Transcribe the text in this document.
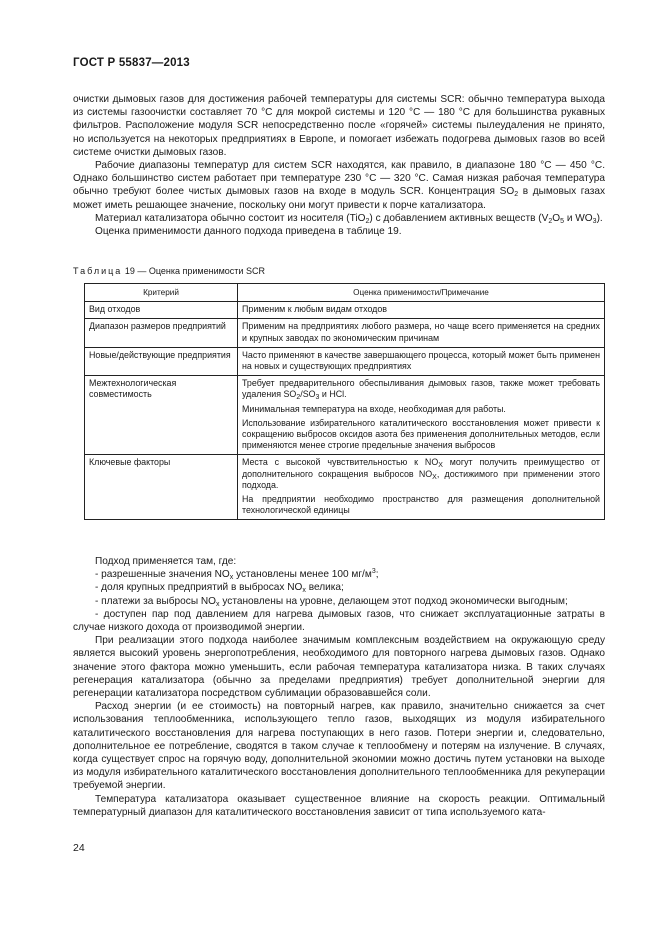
ГОСТ Р 55837—2013

очистки дымовых газов для достижения рабочей температуры для системы SCR: обычно температура выхода из системы газоочистки составляет 70 °C для мокрой системы и 120 °C — 180 °C для большинства рукавных фильтров. Расположение модуля SCR непосредственно после «горячей» системы пылеудаления не принято, но используется на некоторых предприятиях в Европе, и помогает избежать подогрева дымовых газов во всей системе очистки дымовых газов.

Рабочие диапазоны температур для систем SCR находятся, как правило, в диапазоне 180 °C — 450 °C. Однако большинство систем работает при температуре 230 °C — 320 °C. Самая низкая рабочая температура обычно требуют более чистых дымовых газов на входе в модуль SCR. Концентрация $SO_2$ в дымовых газах может иметь решающее значение, поскольку они могут привести к порче катализатора.

Материал катализатора обычно состоит из носителя (TiO$_2$) с добавлением активных веществ ($V_2O_5$ и $WO_3$).

Оценка применимости данного подхода приведена в таблице 19.

Таблица 19 — Оценка применимости SCR
Критерий	Оценка применимости/Примечание
Вид отходов	Применим к любым видам отходов
Диапазон размеров предприятий	Применим на предприятиях любого размера, но чаще всего применяется на средних и крупных заводах по экономическим причинам
Новые/действующие предприятия	Часто применяют в качестве завершающего процесса, который может быть применен на новых и существующих предприятиях
Межтехнологическая совместимость	Требует предварительного обеспыливания дымовых газов, также может требовать удаления $SO_2/SO_3$ и HCl.
Минимальная температура на входе, необходимая для работы.
Использование избирательного каталитического восстановления может привести к сокращению выбросов оксидов азота без применения дополнительных методов, если применяются менее строгие предельные значения выбросов

Ключевые факторы	Места с высокой чувствительностью к $NO_X$ могут получить преимущество от дополнительного сокращения выбросов $NO_X$, достижимого при применении этого подхода.
На предприятии необходимо пространство для размещения дополнительной технологической единицы

Подход применяется там, где:

- разрешенные значения $NO_x$ установлены менее 100 $мг/м^3$;

- доля крупных предприятий в выбросах $NO_x$ велика;

- платежи за выбросы $NO_x$ установлены на уровне, делающем этот подход экономически выгодным;

- доступен пар под давлением для нагрева дымовых газов, что снижает эксплуатационные затраты в случае низкого дохода от производимой энергии.

При реализации этого подхода наиболее значимым комплексным воздействием на окружающую среду является высокий уровень энергопотребления, необходимого для повторного нагрева дымовых газов. Однако значение этого фактора можно уменьшить, если рабочая температура катализатора низка. В таких случаях регенерация катализатора (обычно за пределами предприятия) требует дополнительной энергии для регенерации катализатора посредством сублимации образовавшейся соли.

Расход энергии (и ее стоимость) на повторный нагрев, как правило, значительно снижается за счет использования теплообменника, использующего тепло газов, выходящих из модуля избирательного каталитического восстановления для нагрева поступающих в него газов. Потери энергии и, следовательно, дополнительное ее потребление, сводятся в таком случае к теплообмену и потерям на излучение. В случаях, когда существует спрос на горячую воду, дополнительной экономии можно достичь путем установки на выходе из модуля избирательного каталитического восстановления дополнительного теплообменника для рекуперации требуемой энергии.

Температура катализатора оказывает существенное влияние на скорость реакции. Оптимальный температурный диапазон для каталитического восстановления зависит от типа используемого ката-

24
